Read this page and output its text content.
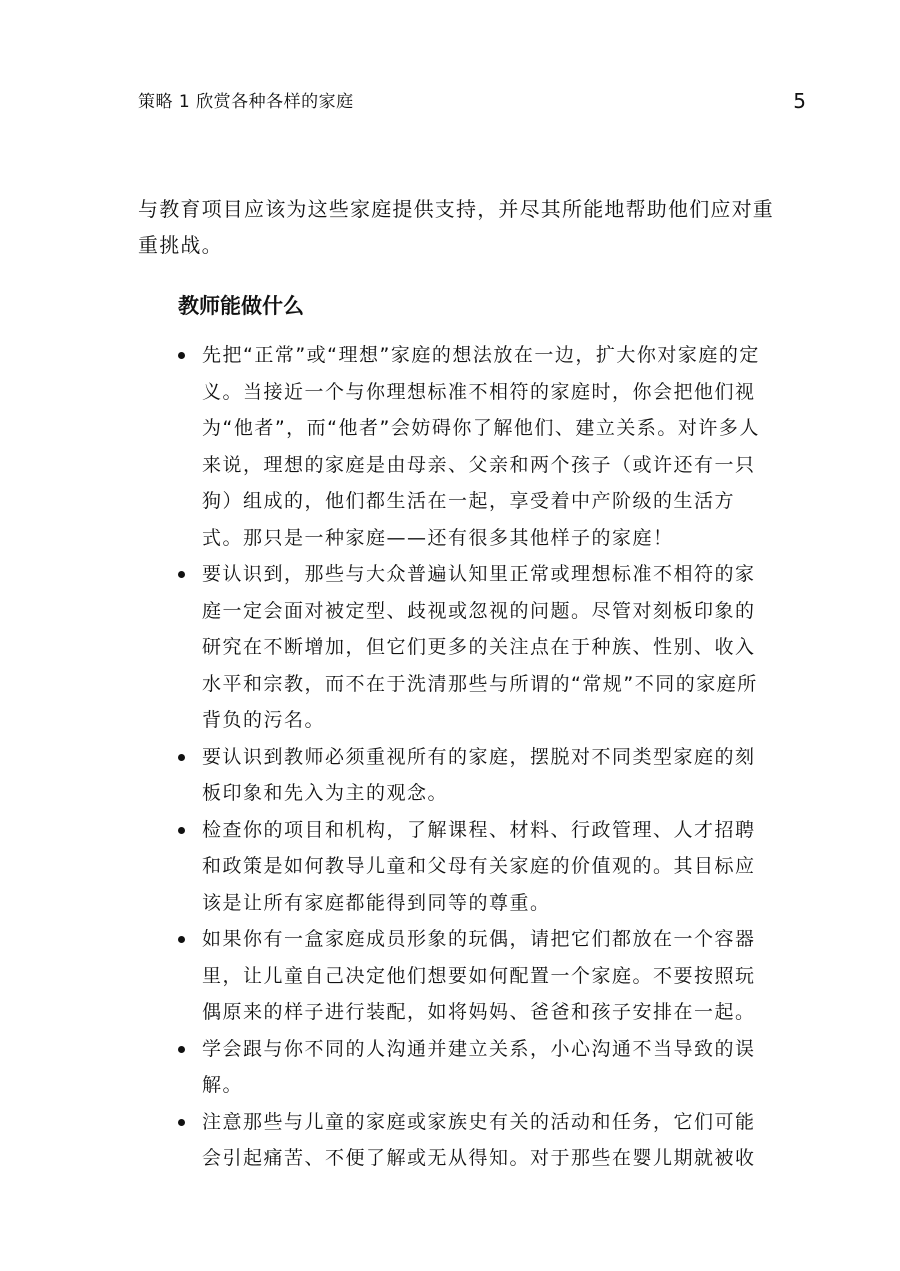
策略 1 欣赏各种各样的家庭	5

与教育项目应该为这些家庭提供支持，并尽其所能地帮助他们应对重重挑战。

教师能做什么
先把“正常”或“理想”家庭的想法放在一边，扩大你对家庭的定义。当接近一个与你理想标准不相符的家庭时，你会把他们视为“他者”，而“他者”会妨碍你了解他们、建立关系。对许多人来说，理想的家庭是由母亲、父亲和两个孩子（或许还有一只狗）组成的，他们都生活在一起，享受着中产阶级的生活方式。那只是一种家庭——还有很多其他样子的家庭！
要认识到，那些与大众普遍认知里正常或理想标准不相符的家庭一定会面对被定型、歧视或忽视的问题。尽管对刻板印象的研究在不断增加，但它们更多的关注点在于种族、性别、收入水平和宗教，而不在于洗清那些与所谓的“常规”不同的家庭所背负的污名。
要认识到教师必须重视所有的家庭，摆脱对不同类型家庭的刻板印象和先入为主的观念。
检查你的项目和机构，了解课程、材料、行政管理、人才招聘和政策是如何教导儿童和父母有关家庭的价值观的。其目标应该是让所有家庭都能得到同等的尊重。
如果你有一盒家庭成员形象的玩偶，请把它们都放在一个容器里，让儿童自己决定他们想要如何配置一个家庭。不要按照玩偶原来的样子进行装配，如将妈妈、爸爸和孩子安排在一起。
学会跟与你不同的人沟通并建立关系，小心沟通不当导致的误解。
注意那些与儿童的家庭或家族史有关的活动和任务，它们可能会引起痛苦、不便了解或无从得知。对于那些在婴儿期就被收
